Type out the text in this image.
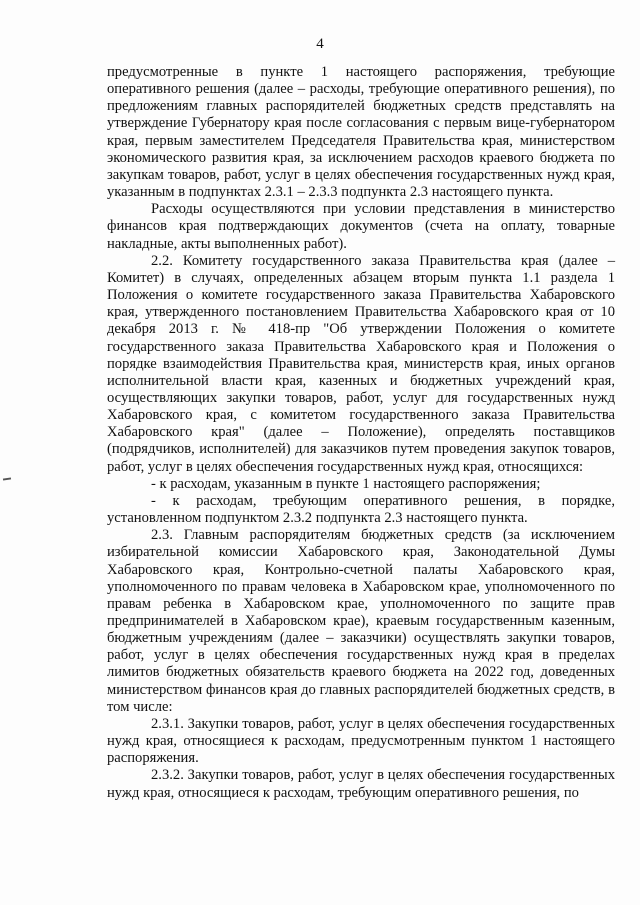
4

предусмотренные в пункте 1 настоящего распоряжения, требующие оперативного решения (далее – расходы, требующие оперативного решения), по предложениям главных распорядителей бюджетных средств представлять на утверждение Губернатору края после согласования с первым вице-губернатором края, первым заместителем Председателя Правительства края, министерством экономического развития края, за исключением расходов краевого бюджета по закупкам товаров, работ, услуг в целях обеспечения государственных нужд края, указанным в подпунктах 2.3.1 – 2.3.3 подпункта 2.3 настоящего пункта.

Расходы осуществляются при условии представления в министерство финансов края подтверждающих документов (счета на оплату, товарные накладные, акты выполненных работ).

2.2. Комитету государственного заказа Правительства края (далее – Комитет) в случаях, определенных абзацем вторым пункта 1.1 раздела 1 Положения о комитете государственного заказа Правительства Хабаровского края, утвержденного постановлением Правительства Хабаровского края от 10 декабря 2013 г. № 418-пр "Об утверждении Положения о комитете государственного заказа Правительства Хабаровского края и Положения о порядке взаимодействия Правительства края, министерств края, иных органов исполнительной власти края, казенных и бюджетных учреждений края, осуществляющих закупки товаров, работ, услуг для государственных нужд Хабаровского края, с комитетом государственного заказа Правительства Хабаровского края" (далее – Положение), определять поставщиков (подрядчиков, исполнителей) для заказчиков путем проведения закупок товаров, работ, услуг в целях обеспечения государственных нужд края, относящихся:

- к расходам, указанным в пункте 1 настоящего распоряжения;

- к расходам, требующим оперативного решения, в порядке, установленном подпунктом 2.3.2 подпункта 2.3 настоящего пункта.

2.3. Главным распорядителям бюджетных средств (за исключением избирательной комиссии Хабаровского края, Законодательной Думы Хабаровского края, Контрольно-счетной палаты Хабаровского края, уполномоченного по правам человека в Хабаровском крае, уполномоченного по правам ребенка в Хабаровском крае, уполномоченного по защите прав предпринимателей в Хабаровском крае), краевым государственным казенным, бюджетным учреждениям (далее – заказчики) осуществлять закупки товаров, работ, услуг в целях обеспечения государственных нужд края в пределах лимитов бюджетных обязательств краевого бюджета на 2022 год, доведенных министерством финансов края до главных распорядителей бюджетных средств, в том числе:

2.3.1. Закупки товаров, работ, услуг в целях обеспечения государственных нужд края, относящиеся к расходам, предусмотренным пунктом 1 настоящего распоряжения.

2.3.2. Закупки товаров, работ, услуг в целях обеспечения государственных нужд края, относящиеся к расходам, требующим оперативного решения, по
